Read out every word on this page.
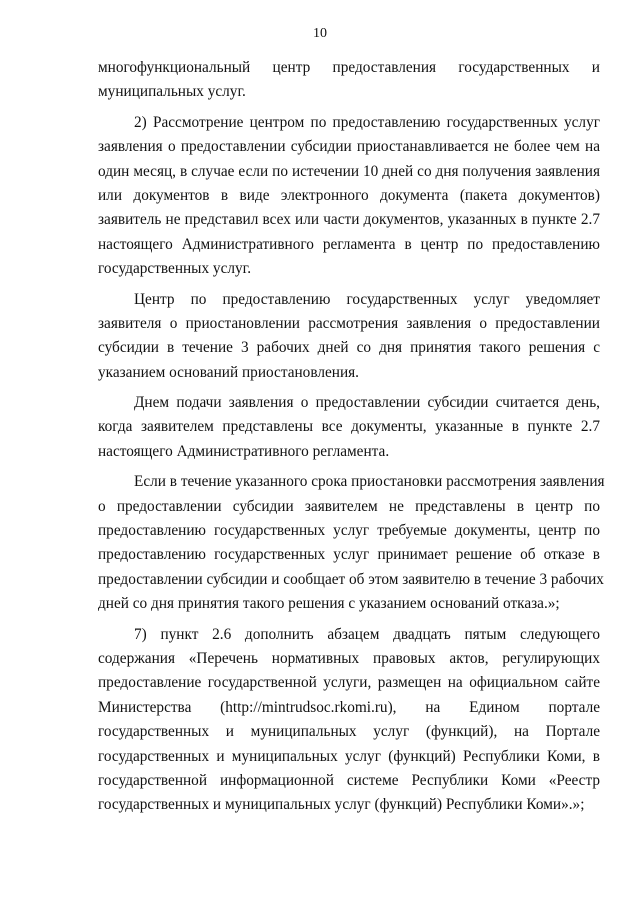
10
многофункциональный центр предоставления государственных и
муниципальных услуг.
2) Рассмотрение центром по предоставлению государственных услуг
заявления о предоставлении субсидии приостанавливается не более чем на
один месяц, в случае если по истечении 10 дней со дня получения заявления
или документов в виде электронного документа (пакета документов)
заявитель не представил всех или части документов, указанных в пункте 2.7
настоящего Административного регламента в центр по предоставлению
государственных услуг.
Центр по предоставлению государственных услуг уведомляет
заявителя о приостановлении рассмотрения заявления о предоставлении
субсидии в течение 3 рабочих дней со дня принятия такого решения с
указанием оснований приостановления.
Днем подачи заявления о предоставлении субсидии считается день,
когда заявителем представлены все документы, указанные в пункте 2.7
настоящего Административного регламента.
Если в течение указанного срока приостановки рассмотрения заявления
о предоставлении субсидии заявителем не представлены в центр по
предоставлению государственных услуг требуемые документы, центр по
предоставлению государственных услуг принимает решение об отказе в
предоставлении субсидии и сообщает об этом заявителю в течение 3 рабочих
дней со дня принятия такого решения с указанием оснований отказа.»;
7) пункт 2.6 дополнить абзацем двадцать пятым следующего
содержания «Перечень нормативных правовых актов, регулирующих
предоставление государственной услуги, размещен на официальном сайте
Министерства (http://mintrudsoc.rkomi.ru), на Едином портале
государственных и муниципальных услуг (функций), на Портале
государственных и муниципальных услуг (функций) Республики Коми, в
государственной информационной системе Республики Коми «Реестр
государственных и муниципальных услуг (функций) Республики Коми».»;
